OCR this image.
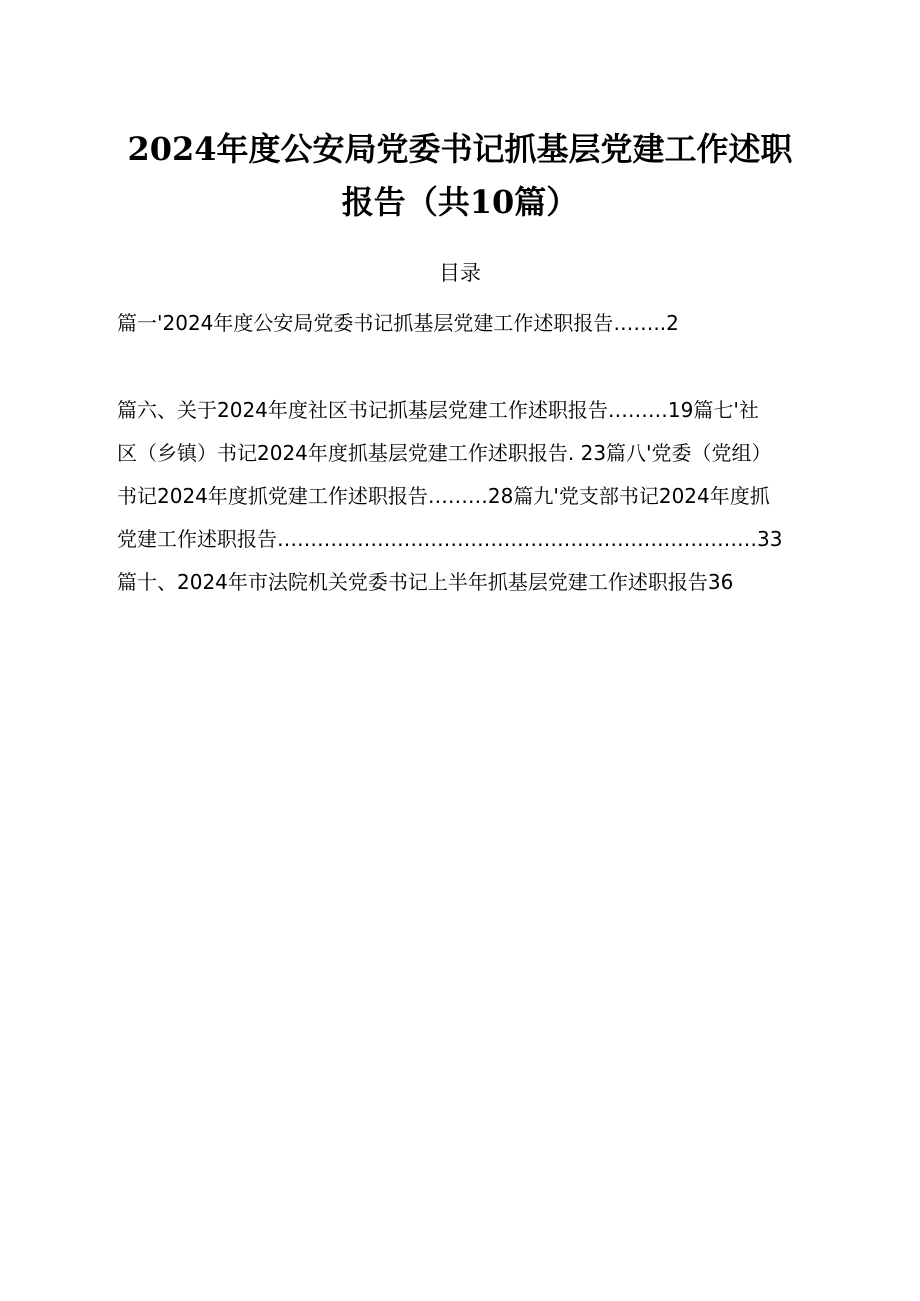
2024年度公安局党委书记抓基层党建工作述职
报告（共10篇）
目录
篇一'2024年度公安局党委书记抓基层党建工作述职报告……..2
篇六、关于2024年度社区书记抓基层党建工作述职报告………19篇七'社
区（乡镇）书记2024年度抓基层党建工作述职报告. 23篇八'党委（党组）
书记2024年度抓党建工作述职报告………28篇九'党支部书记2024年度抓
党建工作述职报告………………………………………………………………33
篇十、2024年市法院机关党委书记上半年抓基层党建工作述职报告36
